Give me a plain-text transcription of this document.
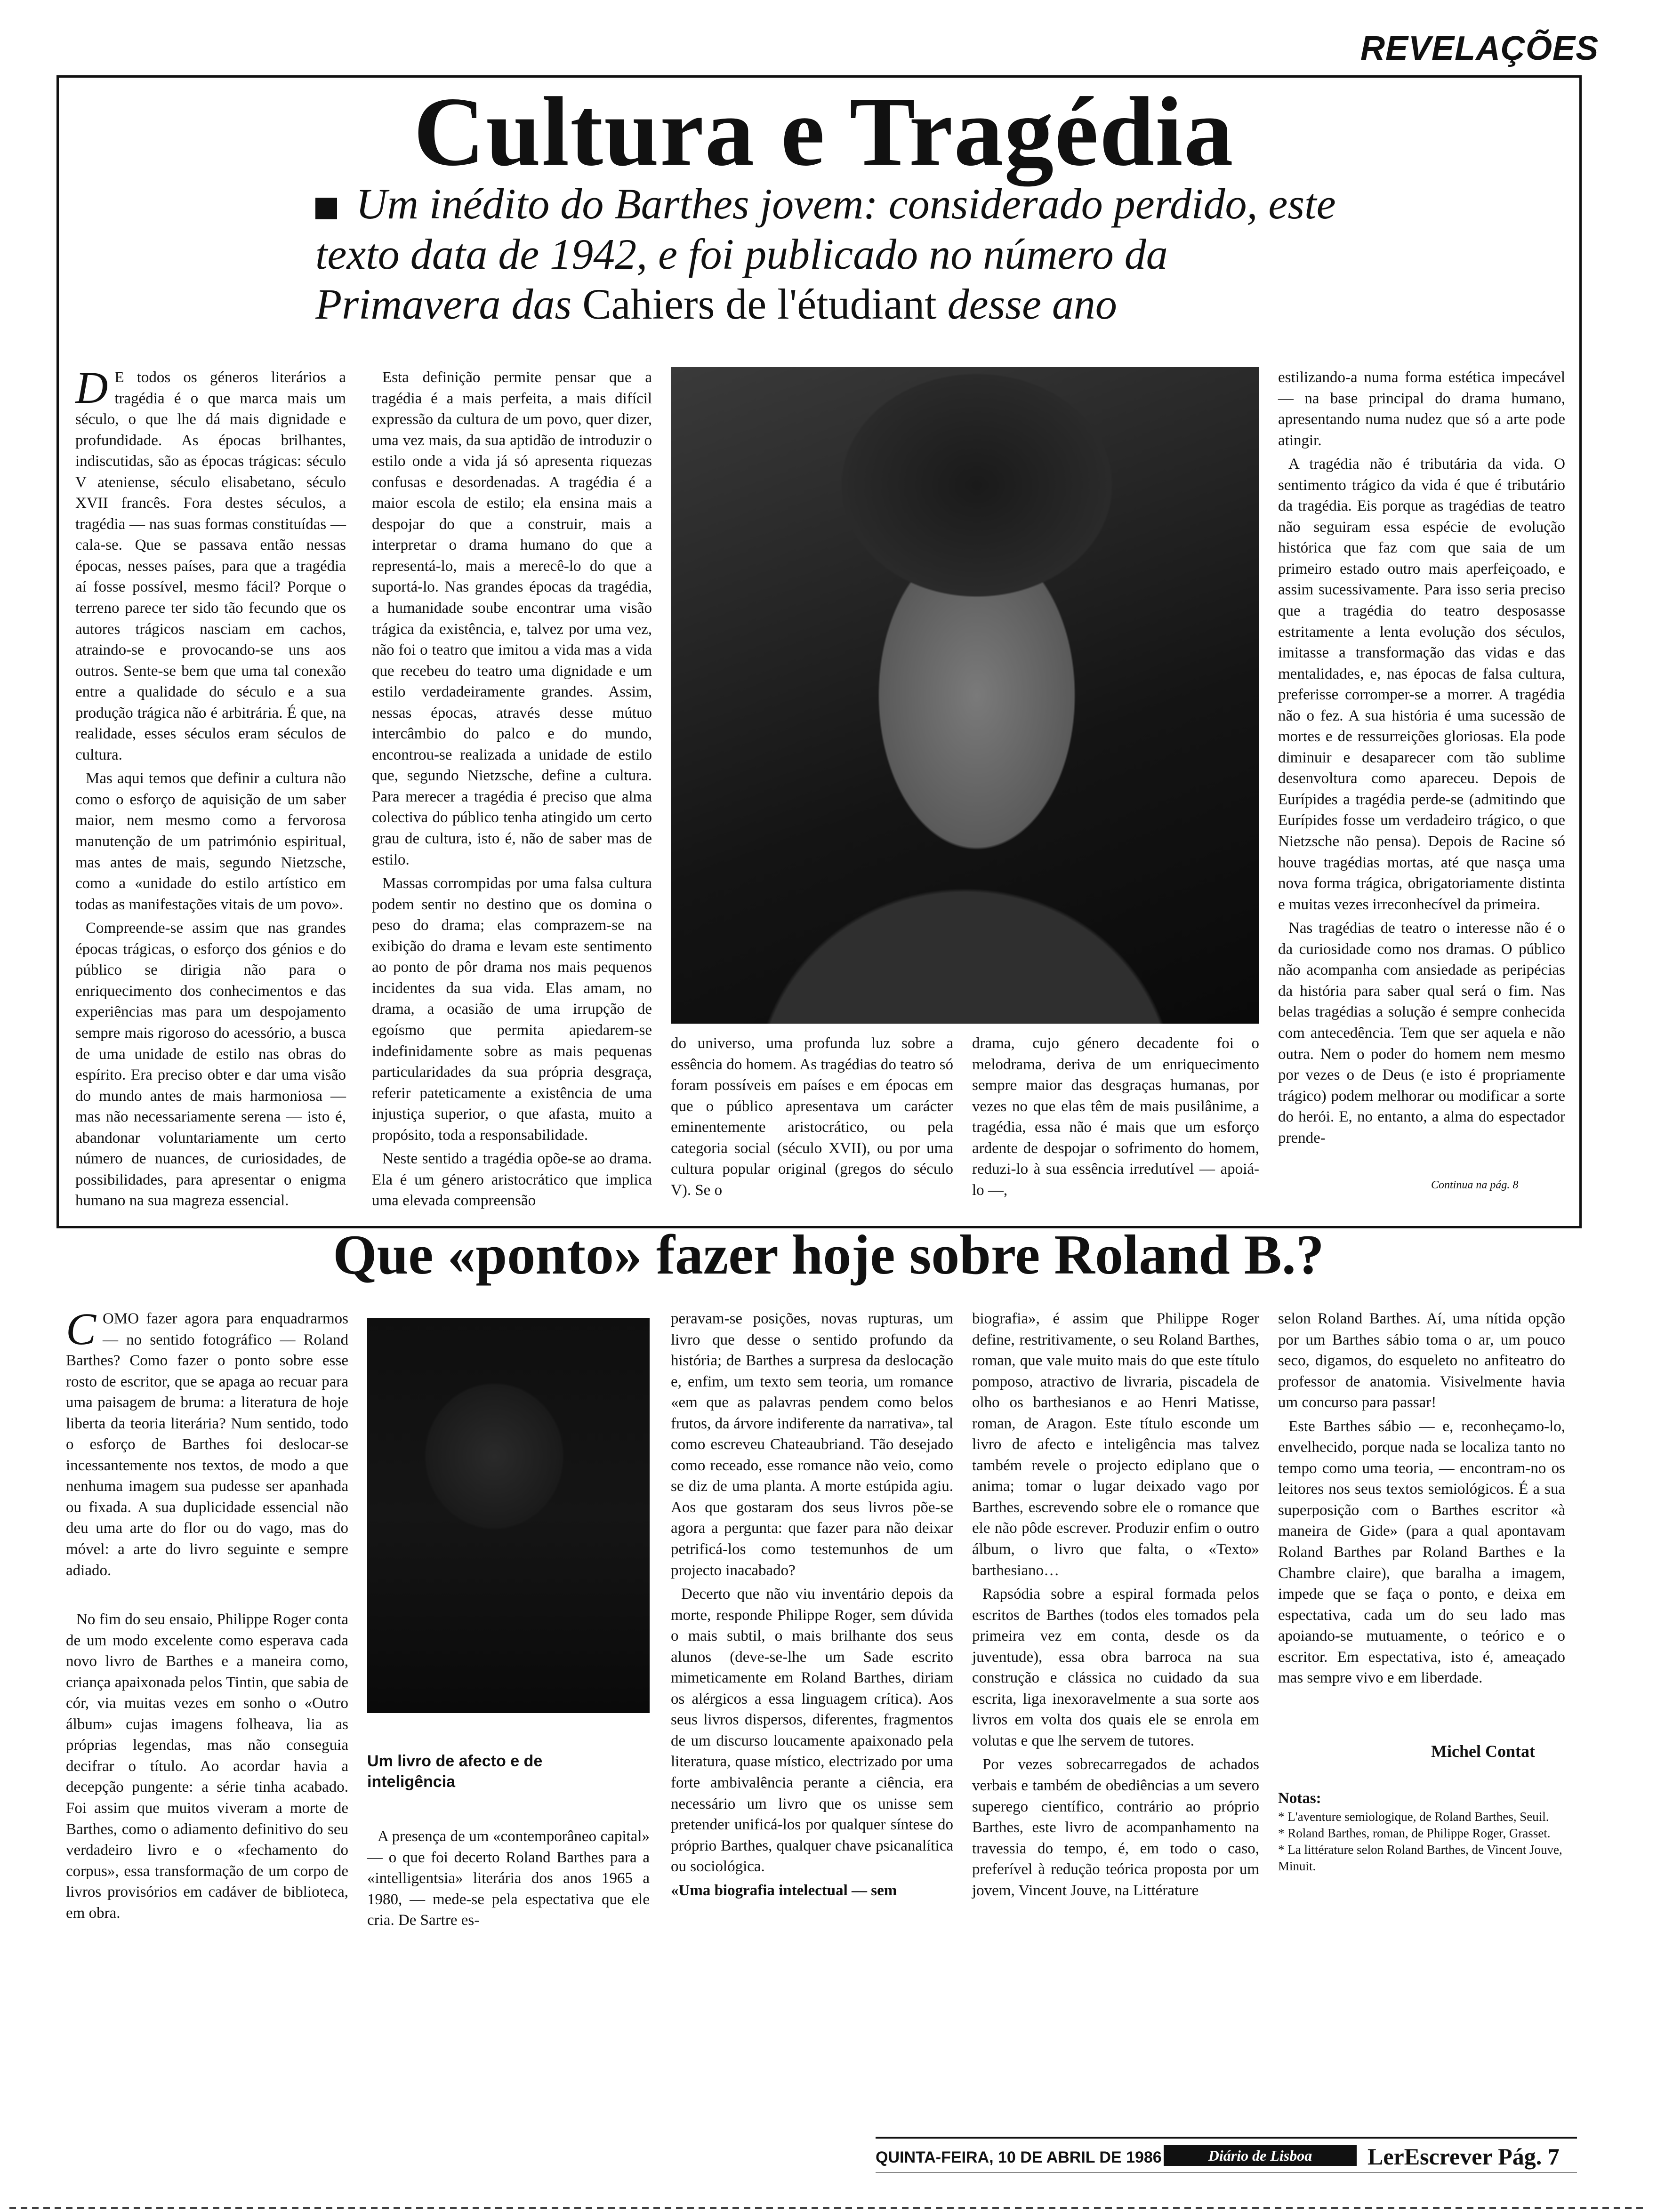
REVELAÇÕES
Cultura e Tragédia
Um inédito do Barthes jovem: considerado perdido, este texto data de 1942, e foi publicado no número da Primavera das Cahiers de l'étudiant desse ano

D E todos os géneros literários a tragédia é o que marca mais um século, o que lhe dá mais dignidade e profundidade. As épocas brilhantes, indiscutidas, são as épocas trágicas: século V ateniense, século elisabetano, século XVII francês. Fora destes séculos, a tragédia — nas suas formas constituídas — cala-se. Que se passava então nessas épocas, nesses países, para que a tragédia aí fosse possível, mesmo fácil? Porque o terreno parece ter sido tão fecundo que os autores trágicos nasciam em cachos, atraindo-se e provocando-se uns aos outros. Sente-se bem que uma tal conexão entre a qualidade do século e a sua produção trágica não é arbitrária. É que, na realidade, esses séculos eram séculos de cultura.

Mas aqui temos que definir a cultura não como o esforço de aquisição de um saber maior, nem mesmo como a fervorosa manutenção de um património espiritual, mas antes de mais, segundo Nietzsche, como a «unidade do estilo artístico em todas as manifestações vitais de um povo».

Compreende-se assim que nas grandes épocas trágicas, o esforço dos génios e do público se dirigia não para o enriquecimento dos conhecimentos e das experiências mas para um despojamento sempre mais rigoroso do acessório, a busca de uma unidade de estilo nas obras do espírito. Era preciso obter e dar uma visão do mundo antes de mais harmoniosa — mas não necessariamente serena — isto é, abandonar voluntariamente um certo número de nuances, de curiosidades, de possibilidades, para apresentar o enigma humano na sua magreza essencial.

Esta definição permite pensar que a tragédia é a mais perfeita, a mais difícil expressão da cultura de um povo, quer dizer, uma vez mais, da sua aptidão de introduzir o estilo onde a vida já só apresenta riquezas confusas e desordenadas. A tragédia é a maior escola de estilo; ela ensina mais a despojar do que a construir, mais a interpretar o drama humano do que a representá-lo, mais a merecê-lo do que a suportá-lo. Nas grandes épocas da tragédia, a humanidade soube encontrar uma visão trágica da existência, e, talvez por uma vez, não foi o teatro que imitou a vida mas a vida que recebeu do teatro uma dignidade e um estilo verdadeiramente grandes. Assim, nessas épocas, através desse mútuo intercâmbio do palco e do mundo, encontrou-se realizada a unidade de estilo que, segundo Nietzsche, define a cultura. Para merecer a tragédia é preciso que alma colectiva do público tenha atingido um certo grau de cultura, isto é, não de saber mas de estilo.

Massas corrompidas por uma falsa cultura podem sentir no destino que os domina o peso do drama; elas comprazem-se na exibição do drama e levam este sentimento ao ponto de pôr drama nos mais pequenos incidentes da sua vida. Elas amam, no drama, a ocasião de uma irrupção de egoísmo que permita apiedarem-se indefinidamente sobre as mais pequenas particularidades da sua própria desgraça, referir pateticamente a existência de uma injustiça superior, o que afasta, muito a propósito, toda a responsabilidade.

Neste sentido a tragédia opõe-se ao drama. Ela é um género aristocrático que implica uma elevada compreensão

do universo, uma profunda luz sobre a essência do homem. As tragédias do teatro só foram possíveis em países e em épocas em que o público apresentava um carácter eminentemente aristocrático, ou pela categoria social (século XVII), ou por uma cultura popular original (gregos do século V). Se o

drama, cujo género decadente foi o melodrama, deriva de um enriquecimento sempre maior das desgraças humanas, por vezes no que elas têm de mais pusilânime, a tragédia, essa não é mais que um esforço ardente de despojar o sofrimento do homem, reduzi-lo à sua essência irredutível — apoiá-lo —,

estilizando-a numa forma estética impecável — na base principal do drama humano, apresentando numa nudez que só a arte pode atingir.

A tragédia não é tributária da vida. O sentimento trágico da vida é que é tributário da tragédia. Eis porque as tragédias de teatro não seguiram essa espécie de evolução histórica que faz com que saia de um primeiro estado outro mais aperfeiçoado, e assim sucessivamente. Para isso seria preciso que a tragédia do teatro desposasse estritamente a lenta evolução dos séculos, imitasse a transformação das vidas e das mentalidades, e, nas épocas de falsa cultura, preferisse corromper-se a morrer. A tragédia não o fez. A sua história é uma sucessão de mortes e de ressurreições gloriosas. Ela pode diminuir e desaparecer com tão sublime desenvoltura como apareceu. Depois de Eurípides a tragédia perde-se (admitindo que Eurípides fosse um verdadeiro trágico, o que Nietzsche não pensa). Depois de Racine só houve tragédias mortas, até que nasça uma nova forma trágica, obrigatoriamente distinta e muitas vezes irreconhecível da primeira.

Nas tragédias de teatro o interesse não é o da curiosidade como nos dramas. O público não acompanha com ansiedade as peripécias da história para saber qual será o fim. Nas belas tragédias a solução é sempre conhecida com antecedência. Tem que ser aquela e não outra. Nem o poder do homem nem mesmo por vezes o de Deus (e isto é propriamente trágico) podem melhorar ou modificar a sorte do herói. E, no entanto, a alma do espectador prende-

Continua na pág. 8
Que «ponto» fazer hoje sobre Roland B.?

COMO fazer agora para enquadrarmos — no sentido fotográfico — Roland Barthes? Como fazer o ponto sobre esse rosto de escritor, que se apaga ao recuar para uma paisagem de bruma: a literatura de hoje liberta da teoria literária? Num sentido, todo o esforço de Barthes foi deslocar-se incessantemente nos textos, de modo a que nenhuma imagem sua pudesse ser apanhada ou fixada. A sua duplicidade essencial não deu uma arte do flor ou do vago, mas do móvel: a arte do livro seguinte e sempre adiado.

No fim do seu ensaio, Philippe Roger conta de um modo excelente como esperava cada novo livro de Barthes e a maneira como, criança apaixonada pelos Tintin, que sabia de cór, via muitas vezes em sonho o «Outro álbum» cujas imagens folheava, lia as próprias legendas, mas não conseguia decifrar o título. Ao acordar havia a decepção pungente: a série tinha acabado. Foi assim que muitos viveram a morte de Barthes, como o adiamento definitivo do seu verdadeiro livro e o «fechamento do corpus», essa transformação de um corpo de livros provisórios em cadáver de biblioteca, em obra.

Um livro de afecto e de inteligência

A presença de um «contemporâneo capital» — o que foi decerto Roland Barthes para a «intelligentsia» literária dos anos 1965 a 1980, — mede-se pela espectativa que ele cria. De Sartre es-

peravam-se posições, novas rupturas, um livro que desse o sentido profundo da história; de Barthes a surpresa da deslocação e, enfim, um texto sem teoria, um romance «em que as palavras pendem como belos frutos, da árvore indiferente da narrativa», tal como escreveu Chateaubriand. Tão desejado como receado, esse romance não veio, como se diz de uma planta. A morte estúpida agiu. Aos que gostaram dos seus livros põe-se agora a pergunta: que fazer para não deixar petrificá-los como testemunhos de um projecto inacabado?

Decerto que não viu inventário depois da morte, responde Philippe Roger, sem dúvida o mais subtil, o mais brilhante dos seus alunos (deve-se-lhe um Sade escrito mimeticamente em Roland Barthes, diriam os alérgicos a essa linguagem crítica). Aos seus livros dispersos, diferentes, fragmentos de um discurso loucamente apaixonado pela literatura, quase místico, electrizado por uma forte ambivalência perante a ciência, era necessário um livro que os unisse sem pretender unificá-los por qualquer síntese do próprio Barthes, qualquer chave psicanalítica ou sociológica.

«Uma biografia intelectual — sem

biografia», é assim que Philippe Roger define, restritivamente, o seu Roland Barthes, roman, que vale muito mais do que este título pomposo, atractivo de livraria, piscadela de olho os barthesianos e ao Henri Matisse, roman, de Aragon. Este título esconde um livro de afecto e inteligência mas talvez também revele o projecto ediplano que o anima; tomar o lugar deixado vago por Barthes, escrevendo sobre ele o romance que ele não pôde escrever. Produzir enfim o outro álbum, o livro que falta, o «Texto» barthesiano…

Rapsódia sobre a espiral formada pelos escritos de Barthes (todos eles tomados pela primeira vez em conta, desde os da juventude), essa obra barroca na sua construção e clássica no cuidado da sua escrita, liga inexoravelmente a sua sorte aos livros em volta dos quais ele se enrola em volutas e que lhe servem de tutores.

Por vezes sobrecarregados de achados verbais e também de obediências a um severo superego científico, contrário ao próprio Barthes, este livro de acompanhamento na travessia do tempo, é, em todo o caso, preferível à redução teórica proposta por um jovem, Vincent Jouve, na Littérature

selon Roland Barthes. Aí, uma nítida opção por um Barthes sábio toma o ar, um pouco seco, digamos, do esqueleto no anfiteatro do professor de anatomia. Visivelmente havia um concurso para passar!

Este Barthes sábio — e, reconheçamo-lo, envelhecido, porque nada se localiza tanto no tempo como uma teoria, — encontram-no os leitores nos seus textos semiológicos. É a sua superposição com o Barthes escritor «à maneira de Gide» (para a qual apontavam Roland Barthes par Roland Barthes e la Chambre claire), que baralha a imagem, impede que se faça o ponto, e deixa em espectativa, cada um do seu lado mas apoiando-se mutuamente, o teórico e o escritor. Em espectativa, isto é, ameaçado mas sempre vivo e em liberdade.

Michel Contat
Notas:
* L'aventure semiologique, de Roland Barthes, Seuil.
* Roland Barthes, roman, de Philippe Roger, Grasset.
* La littérature selon Roland Barthes, de Vincent Jouve, Minuit.
QUINTA-FEIRA, 10 DE ABRIL DE 1986	Diário de Lisboa	LerEscrever Pág. 7
